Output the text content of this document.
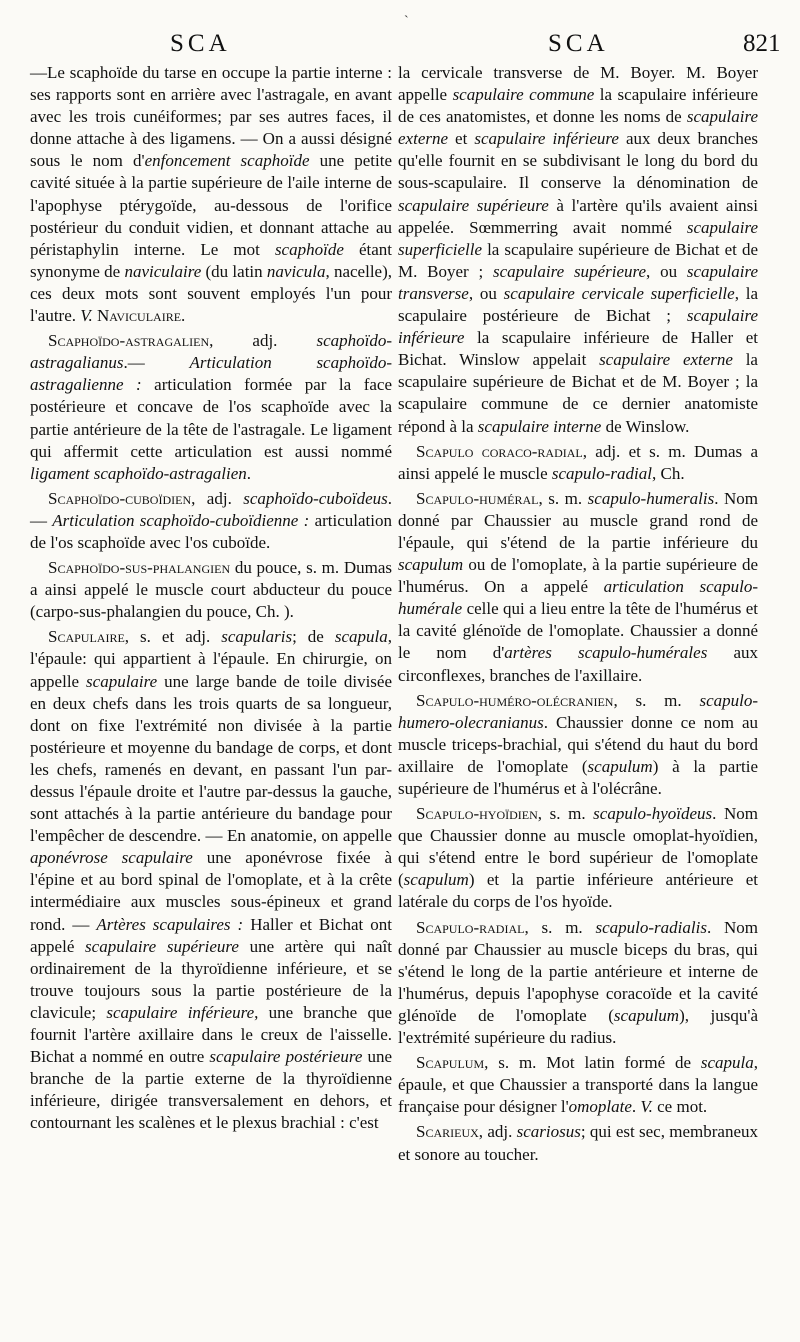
SCA	SCA	821

—Le scaphoïde du tarse en occupe la partie interne : ses rapports sont en arrière avec l'astragale, en avant avec les trois cunéiformes; par ses autres faces, il donne attache à des ligamens. — On a aussi désigné sous le nom d'enfoncement scaphoïde une petite cavité située à la partie supérieure de l'aile interne de l'apophyse ptérygoïde, au-dessous de l'orifice postérieur du conduit vidien, et donnant attache au péristaphylin interne. Le mot scaphoïde étant synonyme de naviculaire (du latin navicula, nacelle), ces deux mots sont souvent employés l'un pour l'autre. V. Naviculaire.

Scaphoïdo-astragalien, adj. scaphoïdo-astragalianus.— Articulation scaphoïdo-astragalienne : articulation formée par la face postérieure et concave de l'os scaphoïde avec la partie antérieure de la tête de l'astragale. Le ligament qui affermit cette articulation est aussi nommé ligament scaphoïdo-astragalien.

Scaphoïdo-cuboïdien, adj. scaphoïdo-cuboïdeus. — Articulation scaphoïdo-cuboïdienne : articulation de l'os scaphoïde avec l'os cuboïde.

Scaphoïdo-sus-phalangien du pouce, s. m. Dumas a ainsi appelé le muscle court abducteur du pouce (carpo-sus-phalangien du pouce, Ch. ).

Scapulaire, s. et adj. scapularis; de scapula, l'épaule: qui appartient à l'épaule. En chirurgie, on appelle scapulaire une large bande de toile divisée en deux chefs dans les trois quarts de sa longueur, dont on fixe l'extrémité non divisée à la partie postérieure et moyenne du bandage de corps, et dont les chefs, ramenés en devant, en passant l'un par-dessus l'épaule droite et l'autre par-dessus la gauche, sont attachés à la partie antérieure du bandage pour l'empêcher de descendre. — En anatomie, on appelle aponévrose scapulaire une aponévrose fixée à l'épine et au bord spinal de l'omoplate, et à la crête intermédiaire aux muscles sous-épineux et grand rond. — Artères scapulaires : Haller et Bichat ont appelé scapulaire supérieure une artère qui naît ordinairement de la thyroïdienne inférieure, et se trouve toujours sous la partie postérieure de la clavicule; scapulaire inférieure, une branche que fournit l'artère axillaire dans le creux de l'aisselle. Bichat a nommé en outre scapulaire postérieure une branche de la partie externe de la thyroïdienne inférieure, dirigée transversalement en dehors, et contournant les scalènes et le plexus brachial : c'est

la cervicale transverse de M. Boyer. M. Boyer appelle scapulaire commune la scapulaire inférieure de ces anatomistes, et donne les noms de scapulaire externe et scapulaire inférieure aux deux branches qu'elle fournit en se subdivisant le long du bord du sous-scapulaire. Il conserve la dénomination de scapulaire supérieure à l'artère qu'ils avaient ainsi appelée. Sœmmerring avait nommé scapulaire superficielle la scapulaire supérieure de Bichat et de M. Boyer ; scapulaire supérieure, ou scapulaire transverse, ou scapulaire cervicale superficielle, la scapulaire postérieure de Bichat ; scapulaire inférieure la scapulaire inférieure de Haller et Bichat. Winslow appelait scapulaire externe la scapulaire supérieure de Bichat et de M. Boyer ; la scapulaire commune de ce dernier anatomiste répond à la scapulaire interne de Winslow.

Scapulo coraco-radial, adj. et s. m. Dumas a ainsi appelé le muscle scapulo-radial, Ch.

Scapulo-huméral, s. m. scapulo-humeralis. Nom donné par Chaussier au muscle grand rond de l'épaule, qui s'étend de la partie inférieure du scapulum ou de l'omoplate, à la partie supérieure de l'humérus. On a appelé articulation scapulo-humérale celle qui a lieu entre la tête de l'humérus et la cavité glénoïde de l'omoplate. Chaussier a donné le nom d'artères scapulo-humérales aux circonflexes, branches de l'axillaire.

Scapulo-huméro-olécranien, s. m. scapulo-humero-olecranianus. Chaussier donne ce nom au muscle triceps-brachial, qui s'étend du haut du bord axillaire de l'omoplate (scapulum) à la partie supérieure de l'humérus et à l'olécrâne.

Scapulo-hyoïdien, s. m. scapulo-hyoïdeus. Nom que Chaussier donne au muscle omoplat-hyoïdien, qui s'étend entre le bord supérieur de l'omoplate (scapulum) et la partie inférieure antérieure et latérale du corps de l'os hyoïde.

Scapulo-radial, s. m. scapulo-radialis. Nom donné par Chaussier au muscle biceps du bras, qui s'étend le long de la partie antérieure et interne de l'humérus, depuis l'apophyse coracoïde et la cavité glénoïde de l'omoplate (scapulum), jusqu'à l'extrémité supérieure du radius.

Scapulum, s. m. Mot latin formé de scapula, épaule, et que Chaussier a transporté dans la langue française pour désigner l'omoplate. V. ce mot.

Scarieux, adj. scariosus; qui est sec, membraneux et sonore au toucher.

ˋ
